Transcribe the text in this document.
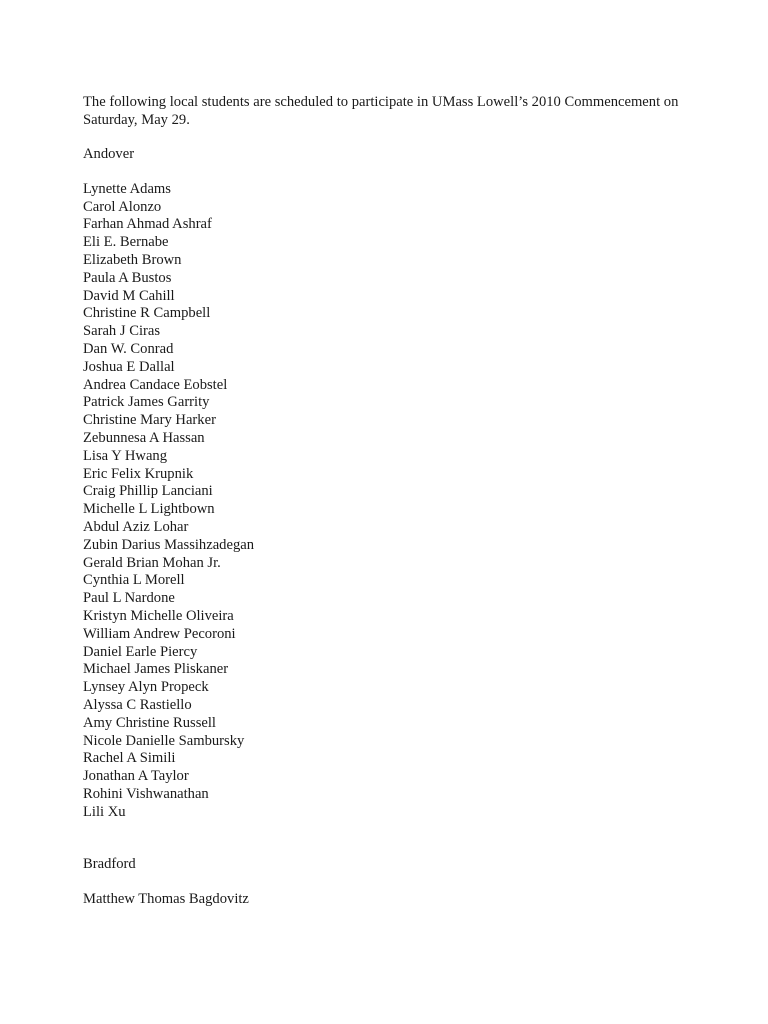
The following local students are scheduled to participate in UMass Lowell’s 2010 Commencement on Saturday, May 29.

Andover

Lynette Adams
Carol Alonzo
Farhan Ahmad Ashraf
Eli E. Bernabe
Elizabeth Brown
Paula A Bustos
David M Cahill
Christine R Campbell
Sarah J Ciras
Dan W. Conrad
Joshua E Dallal
Andrea Candace Eobstel
Patrick James Garrity
Christine Mary Harker
Zebunnesa A Hassan
Lisa Y Hwang
Eric Felix Krupnik
Craig Phillip Lanciani
Michelle L Lightbown
Abdul Aziz Lohar
Zubin Darius Massihzadegan
Gerald Brian Mohan Jr.
Cynthia L Morell
Paul L Nardone
Kristyn Michelle Oliveira
William Andrew Pecoroni
Daniel Earle Piercy
Michael James Pliskaner
Lynsey Alyn Propeck
Alyssa C Rastiello
Amy Christine Russell
Nicole Danielle Sambursky
Rachel A Simili
Jonathan A Taylor
Rohini Vishwanathan
Lili Xu

Bradford

Matthew Thomas Bagdovitz
